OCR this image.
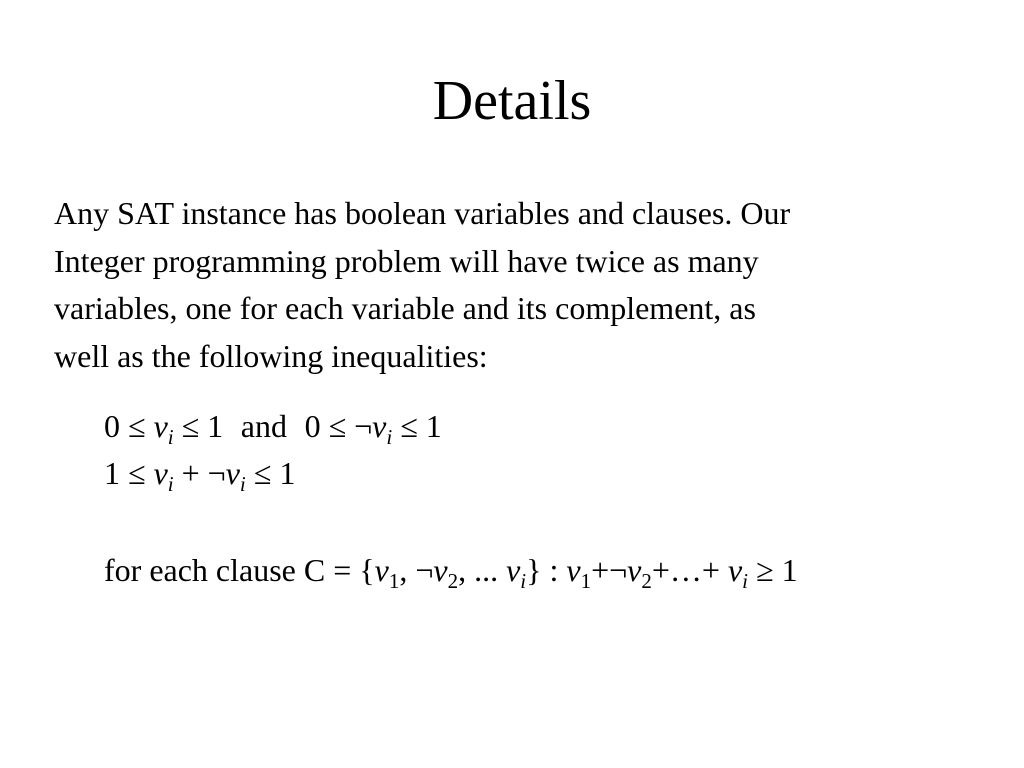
Details
Any SAT instance has boolean variables and clauses. Our
Integer programming problem will have twice as many
variables, one for each variable and its complement, as
well as the following inequalities:
$0 \le v_i \le 1$ and $0 \le \neg v_i \le 1$
$1 \le v_i$ + $\neg v_i \le 1$
for each clause $C = \{v_1$, $\neg v_2$, ... $v_i$} : $v_1+\neg v_2+\dots+ v_i \ge 1$
